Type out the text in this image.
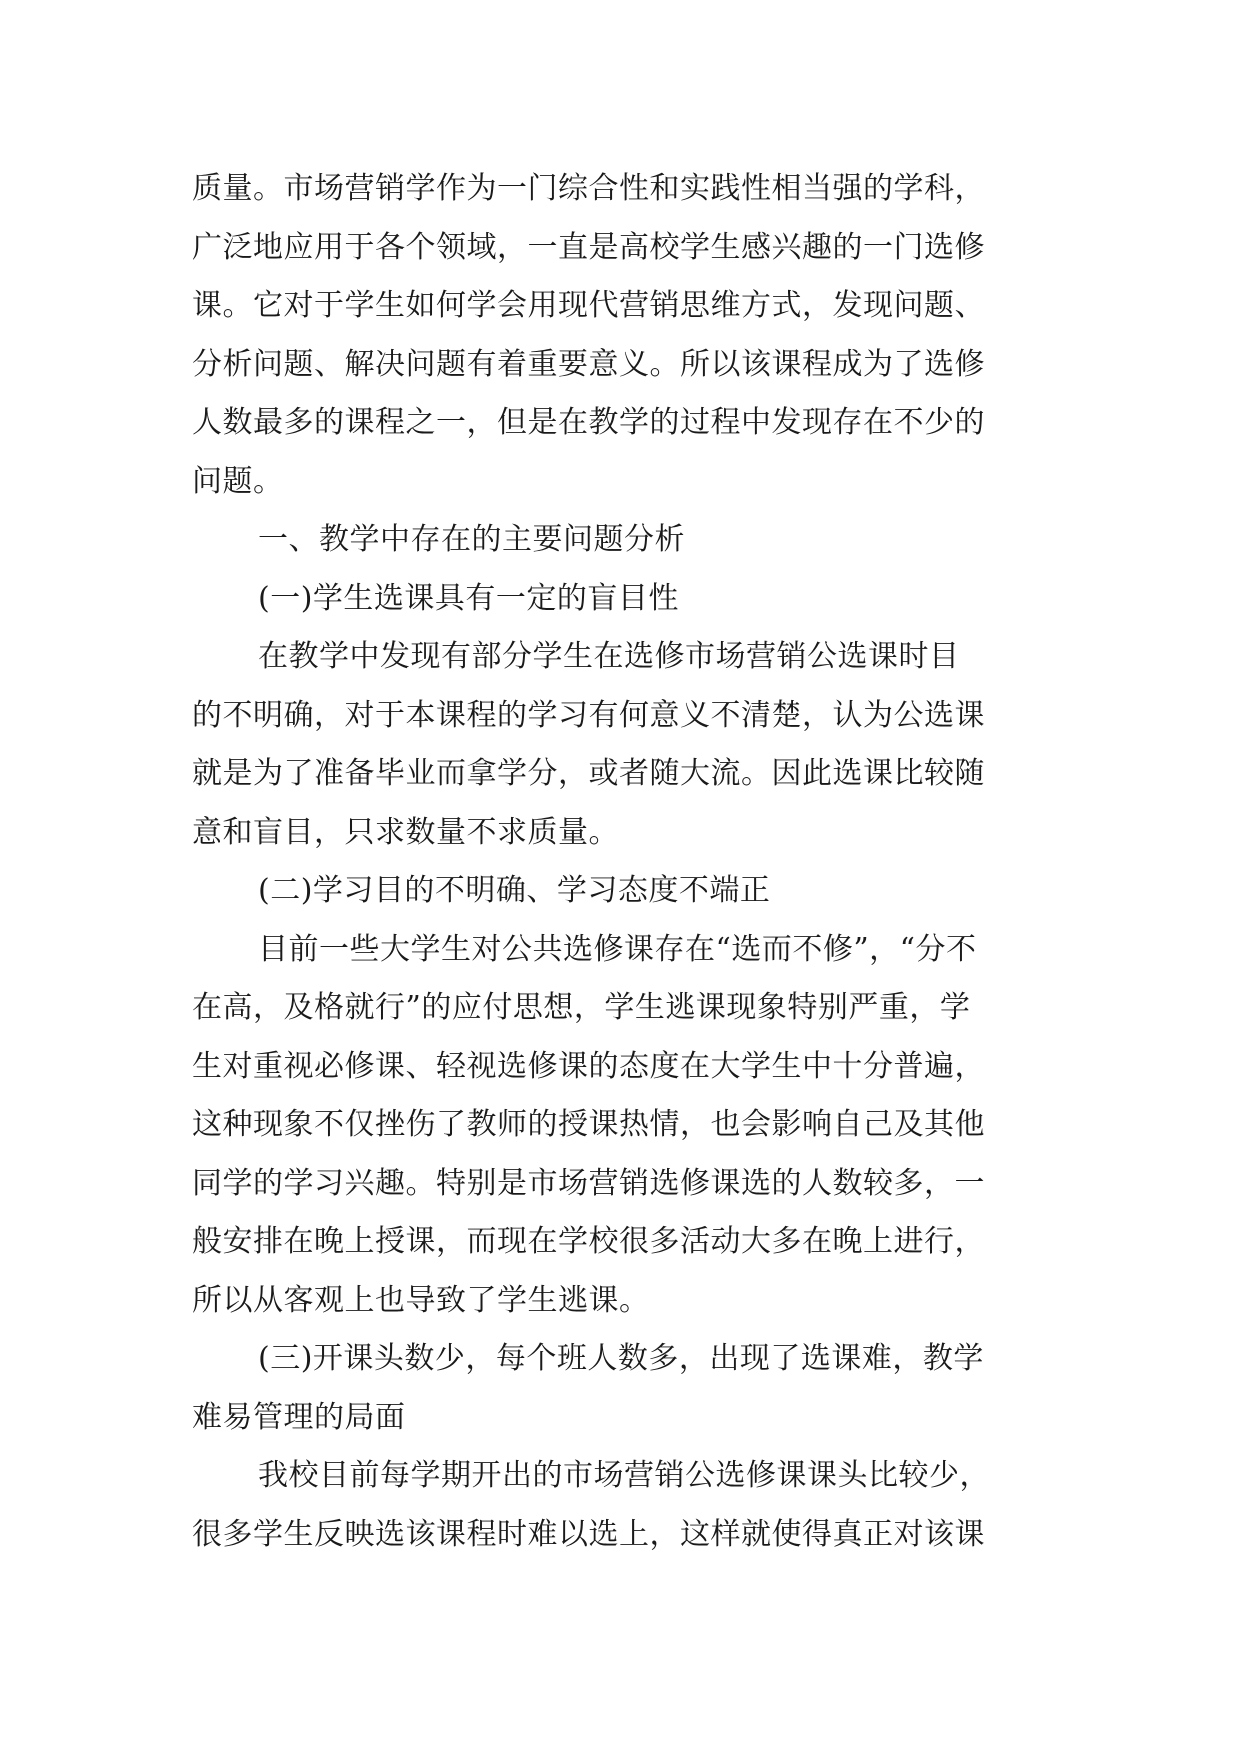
质量。市场营销学作为一门综合性和实践性相当强的学科，
广泛地应用于各个领域，一直是高校学生感兴趣的一门选修
课。它对于学生如何学会用现代营销思维方式，发现问题、
分析问题、解决问题有着重要意义。所以该课程成为了选修
人数最多的课程之一，但是在教学的过程中发现存在不少的
问题。
一、教学中存在的主要问题分析
(一)学生选课具有一定的盲目性
在教学中发现有部分学生在选修市场营销公选课时目
的不明确，对于本课程的学习有何意义不清楚，认为公选课
就是为了准备毕业而拿学分，或者随大流。因此选课比较随
意和盲目，只求数量不求质量。
(二)学习目的不明确、学习态度不端正
目前一些大学生对公共选修课存在“选而不修”，“分不
在高，及格就行”的应付思想，学生逃课现象特别严重，学
生对重视必修课、轻视选修课的态度在大学生中十分普遍，
这种现象不仅挫伤了教师的授课热情，也会影响自己及其他
同学的学习兴趣。特别是市场营销选修课选的人数较多，一
般安排在晚上授课，而现在学校很多活动大多在晚上进行，
所以从客观上也导致了学生逃课。
(三)开课头数少，每个班人数多，出现了选课难，教学
难易管理的局面
我校目前每学期开出的市场营销公选修课课头比较少，
很多学生反映选该课程时难以选上，这样就使得真正对该课
